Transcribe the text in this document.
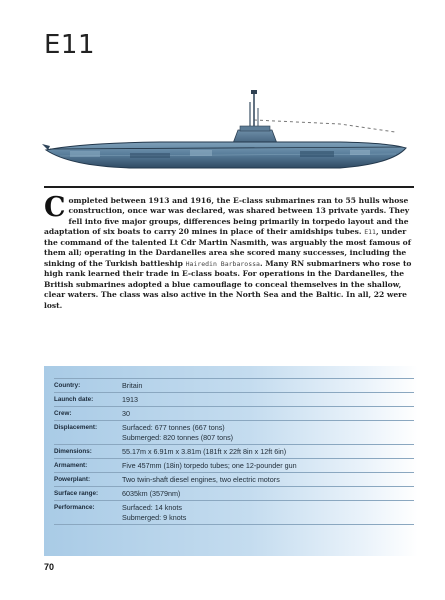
E11
Completed between 1913 and 1916, the E-class submarines ran to 55 hulls whose construction, once war was declared, was shared between 13 private yards. They fell into five major groups, differences being primarily in torpedo layout and the adaptation of six boats to carry 20 mines in place of their amidships tubes. E11, under the command of the talented Lt Cdr Martin Nasmith, was arguably the most famous of them all; operating in the Dardanelles area she scored many successes, including the sinking of the Turkish battleship Hairedin Barbarossa. Many RN submariners who rose to high rank learned their trade in E-class boats. For operations in the Dardanelles, the British submarines adopted a blue camouflage to conceal themselves in the shallow, clear waters. The class was also active in the North Sea and the Baltic. In all, 22 were lost.
Country:	Britain
Launch date:	1913
Crew:	30
Displacement:	Surfaced: 677 tonnes (667 tons)
Submerged: 820 tonnes (807 tons)
Dimensions:	55.17m x 6.91m x 3.81m (181ft x 22ft 8in x 12ft 6in)
Armament:	Five 457mm (18in) torpedo tubes; one 12-pounder gun
Powerplant:	Two twin-shaft diesel engines, two electric motors
Surface range:	6035km (3579nm)
Performance:	Surfaced: 14 knots
Submerged: 9 knots
70
